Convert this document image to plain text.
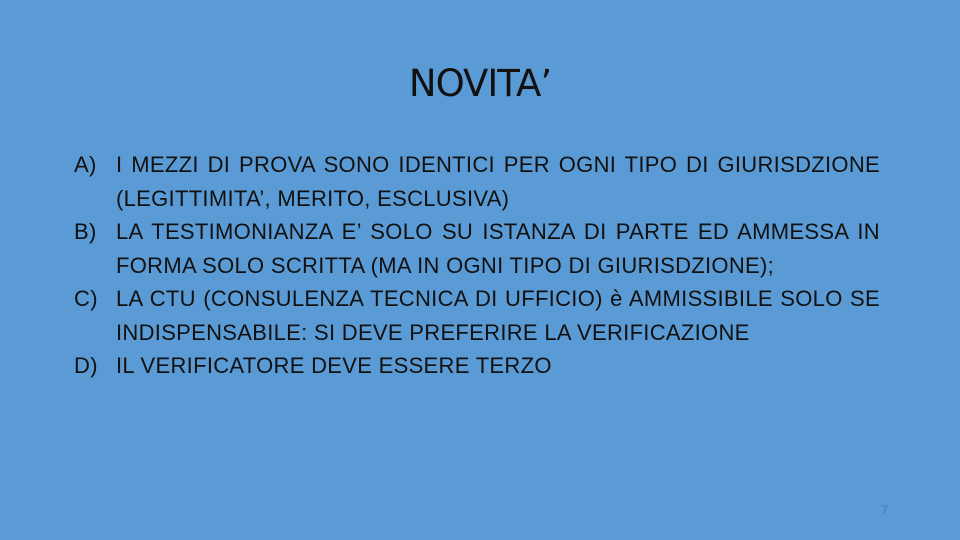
NOVITA’
A) I MEZZI DI PROVA SONO IDENTICI PER OGNI TIPO DI GIURISDZIONE (LEGITTIMITA’, MERITO, ESCLUSIVA)
B) LA TESTIMONIANZA E’ SOLO SU ISTANZA DI PARTE ED AMMESSA IN FORMA SOLO SCRITTA (MA IN OGNI TIPO DI GIURISDZIONE);
C) LA CTU (CONSULENZA TECNICA DI UFFICIO) è AMMISSIBILE SOLO SE INDISPENSABILE: SI DEVE PREFERIRE LA VERIFICAZIONE
D) IL VERIFICATORE DEVE ESSERE TERZO
7
